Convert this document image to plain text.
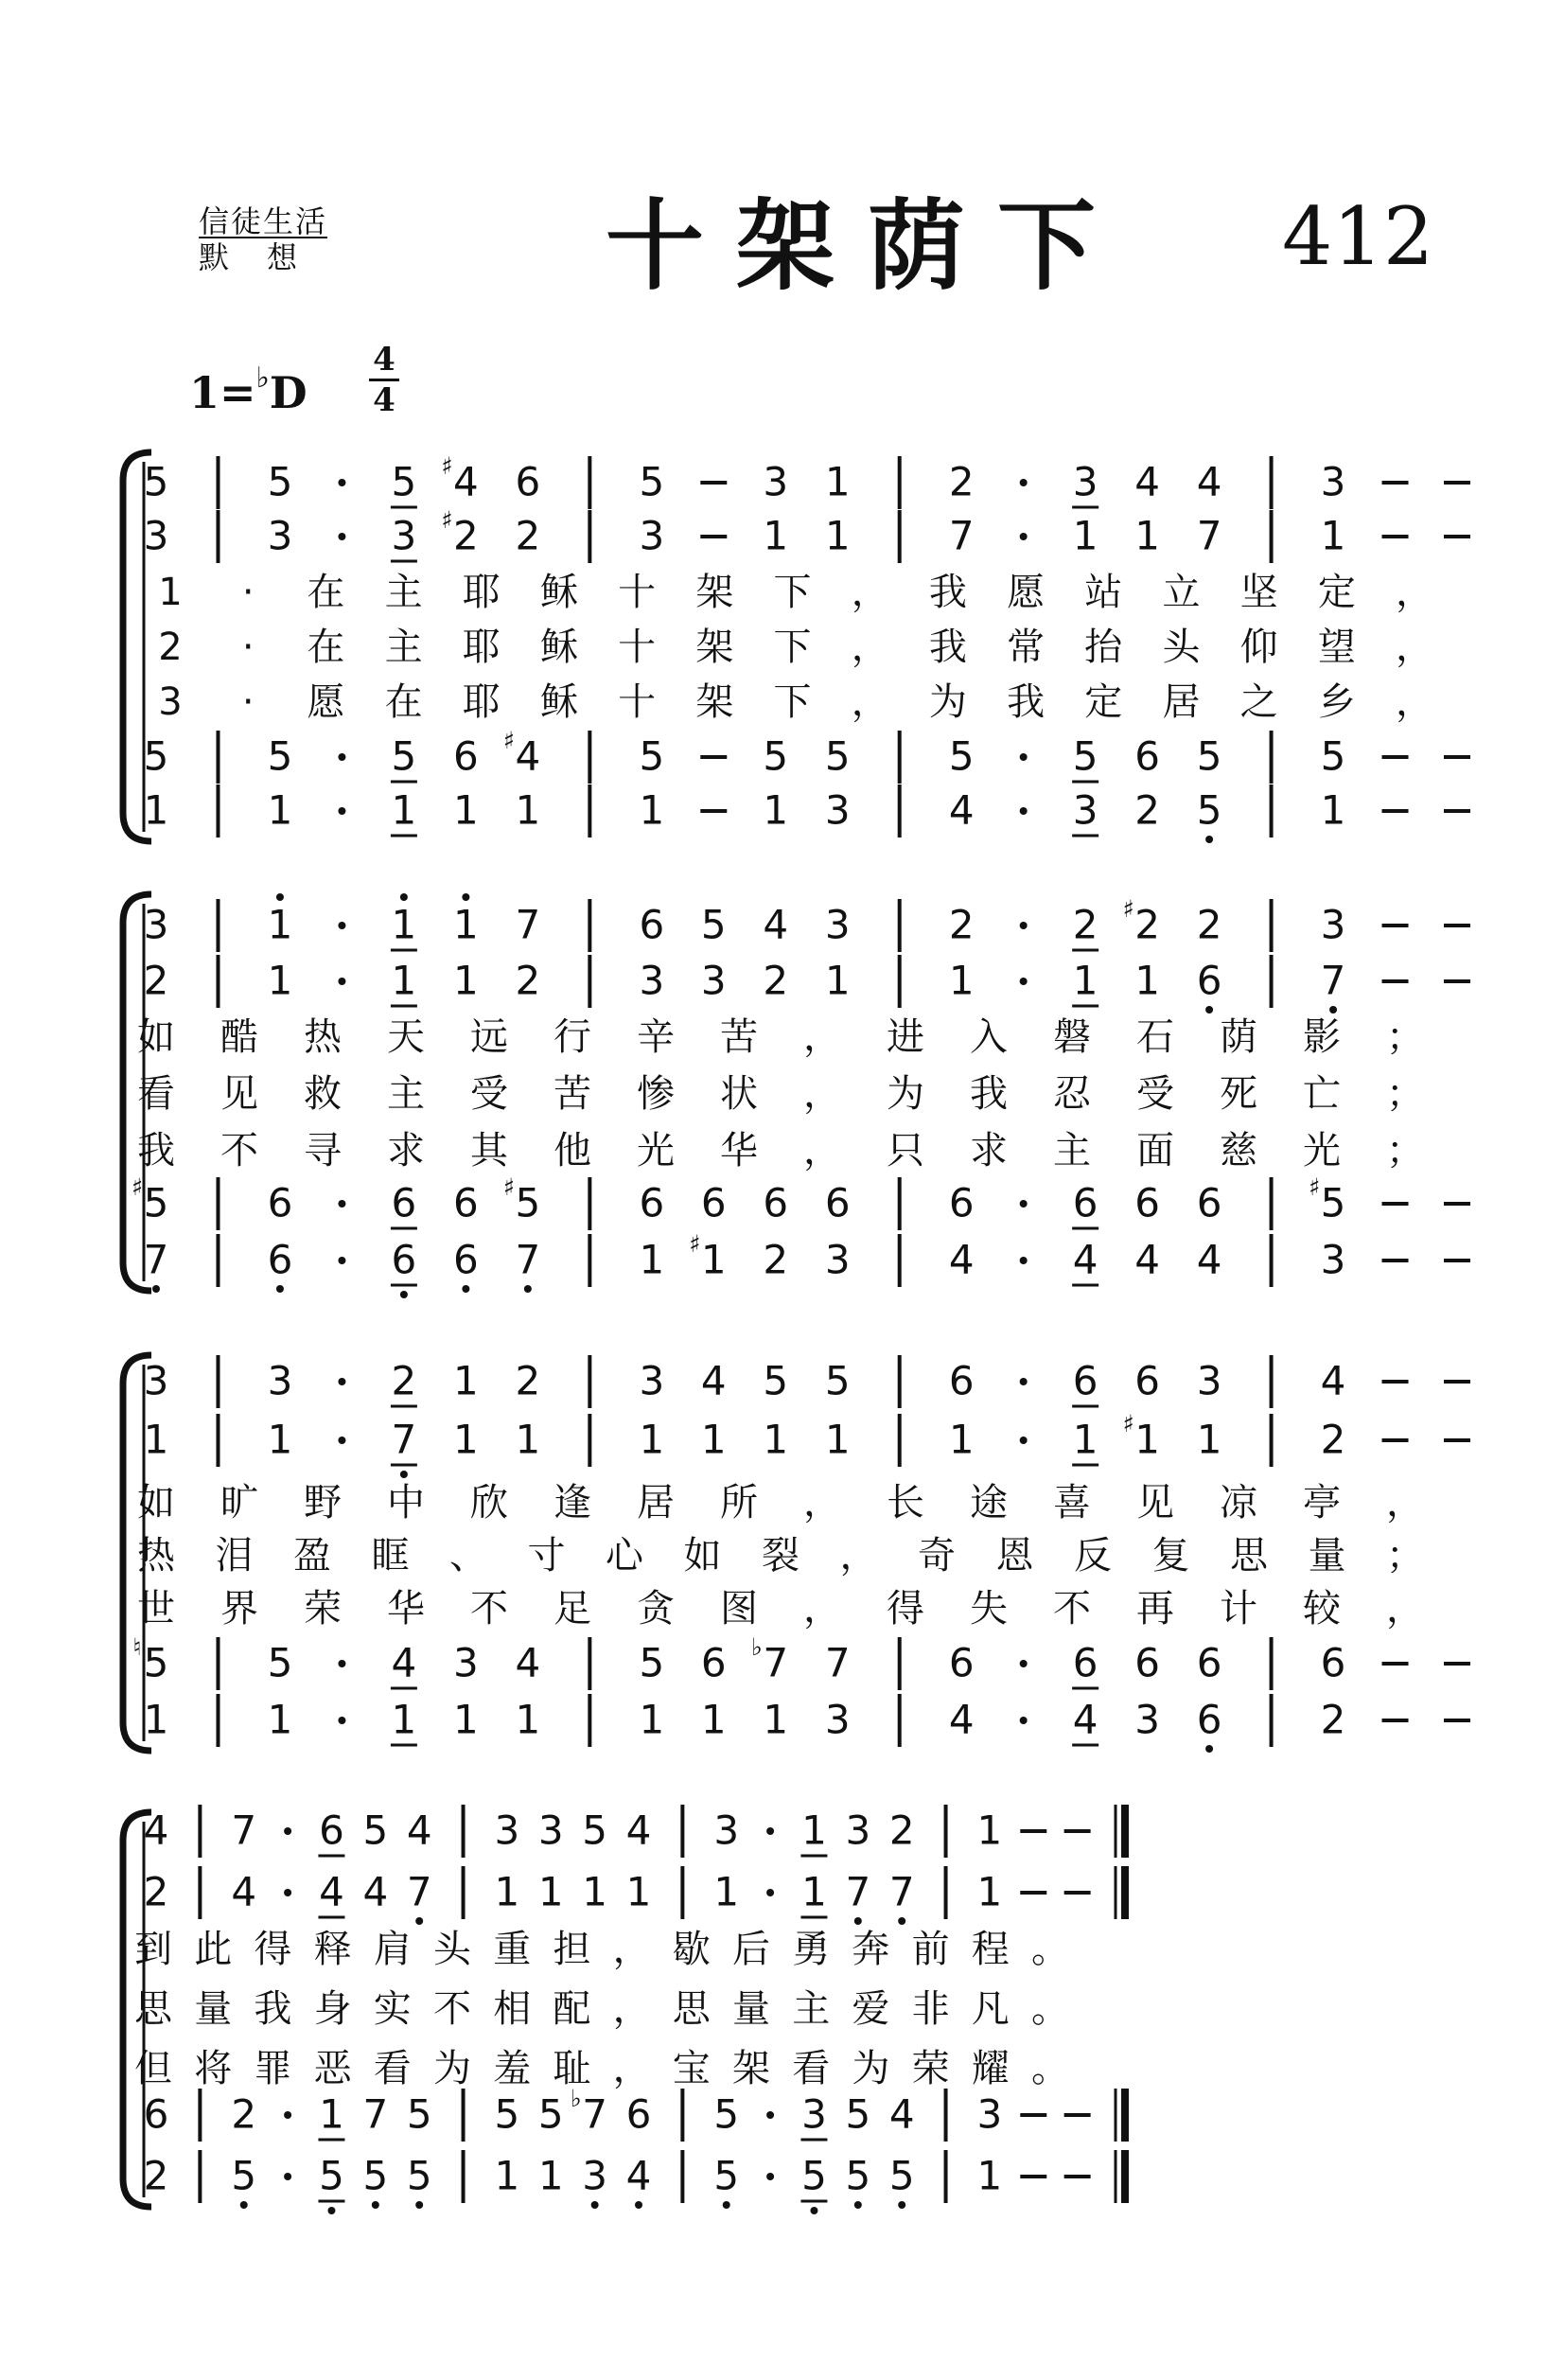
信徒生活
默想	十架荫下 412
1=♭D
4
4
5 5 5 ♯ 4 6 5 3 1 2 3 4 4 3
3 3 3 ♯ 2 2 3 1 1 7 1 1 7 1
5 5 5 6 ♯ 4 5 5 5 5 5 6 5 5
1 1 1 1 1 1 1 3 4 3 2 5 1
1 · 在 主 耶 稣 十 架 下 ， 我 愿 站 立 坚 定 ，
2 · 在 主 耶 稣 十 架 下 ， 我 常 抬 头 仰 望 ，
3 · 愿 在 耶 稣 十 架 下 ， 为 我 定 居 之 乡 ，
3 1 1 1 7 6 5 4 3 2 2 ♯ 2 2 3
2 1 1 1 2 3 3 2 1 1 1 1 6 7
♯ 5 6 6 6 ♯ 5 6 6 6 6 6 6 6 6	♯ 5
7 6 6 6 7 1 ♯ 1 2 3 4 4 4 4 3
如 酷 热 天 远 行 辛 苦 ， 进 入 磐 石 荫 影 ；
看 见 救 主 受 苦 惨 状 ， 为 我 忍 受 死 亡 ；
我 不 寻 求 其 他 光 华 ， 只 求 主 面 慈 光 ；
3 3 2 1 2 3 4 5 5 6 6 6 3 4
1 1 7 1 1 1 1 1 1 1 1 ♯ 1 1 2
♮ 5 5 4 3 4 5 6 ♭ 7 7 6 6 6 6 6
1 1 1 1 1 1 1 1 3 4 4 3 6 2
如 旷 野 中 欣 逢 居 所 ， 长 途 喜 见 凉 亭 ，
热 泪 盈 眶 、 寸 心 如 裂 ， 奇 恩 反 复 思 量 ；
世 界 荣 华 不 足 贪 图 ， 得 失 不 再 计 较 ，
4 7 6 5 4 3 3 5 4 3 1 3 2 1
2 4 4 4 7 1 1 1 1 1 1 7 7 1
6 2 1 7 5 5 5 ♭ 7 6 5 3 5 4 3
2 5 5 5 5 1 1 3 4 5 5 5 5 1
到 此 得 释 肩 头 重 担 ， 歇 后 勇 奔 前 程 。
思 量 我 身 实 不 相 配 ， 思 量 主 爱 非 凡 。
但 将 罪 恶 看 为 羞 耻 ， 宝 架 看 为 荣 耀 。
